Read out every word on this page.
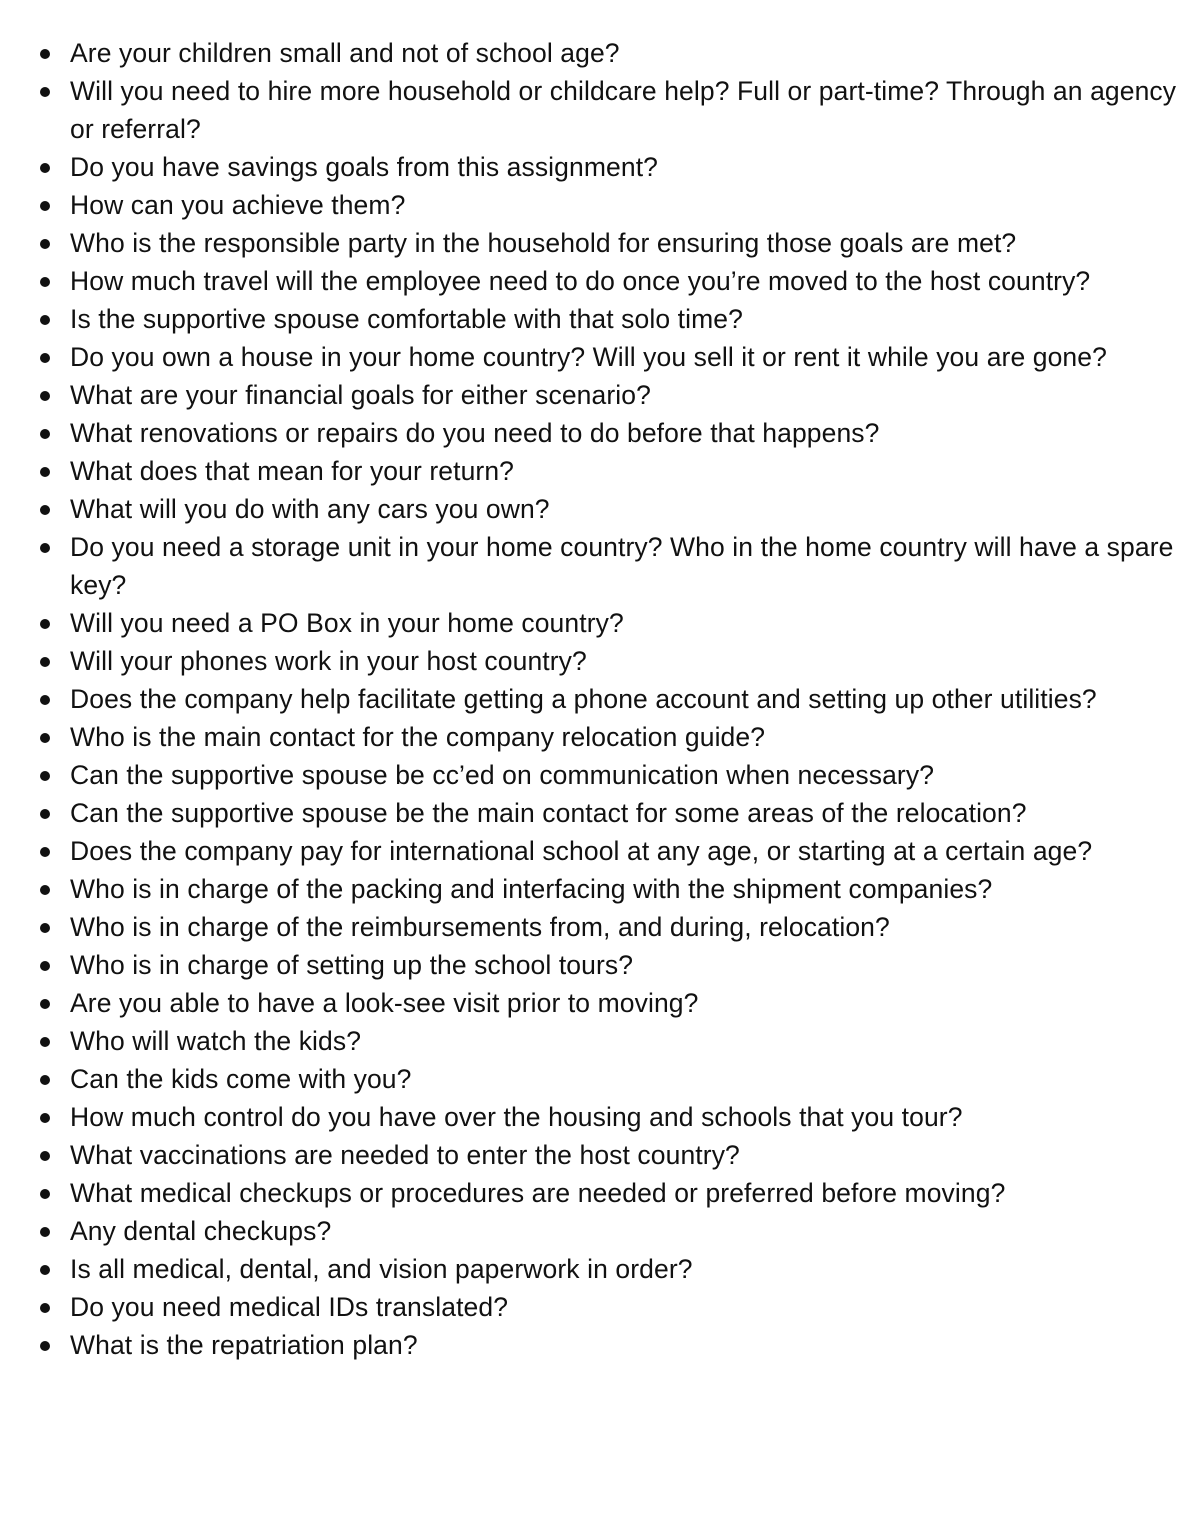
Are your children small and not of school age?
Will you need to hire more household or childcare help? Full or part-time? Through an agency or referral?
Do you have savings goals from this assignment?
How can you achieve them?
Who is the responsible party in the household for ensuring those goals are met?
How much travel will the employee need to do once you’re moved to the host country?
Is the supportive spouse comfortable with that solo time?
Do you own a house in your home country? Will you sell it or rent it while you are gone?
What are your financial goals for either scenario?
What renovations or repairs do you need to do before that happens?
What does that mean for your return?
What will you do with any cars you own?
Do you need a storage unit in your home country? Who in the home country will have a spare key?
Will you need a PO Box in your home country?
Will your phones work in your host country?
Does the company help facilitate getting a phone account and setting up other utilities?
Who is the main contact for the company relocation guide?
Can the supportive spouse be cc’ed on communication when necessary?
Can the supportive spouse be the main contact for some areas of the relocation?
Does the company pay for international school at any age, or starting at a certain age?
Who is in charge of the packing and interfacing with the shipment companies?
Who is in charge of the reimbursements from, and during, relocation?
Who is in charge of setting up the school tours?
Are you able to have a look-see visit prior to moving?
Who will watch the kids?
Can the kids come with you?
How much control do you have over the housing and schools that you tour?
What vaccinations are needed to enter the host country?
What medical checkups or procedures are needed or preferred before moving?
Any dental checkups?
Is all medical, dental, and vision paperwork in order?
Do you need medical IDs translated?
What is the repatriation plan?
